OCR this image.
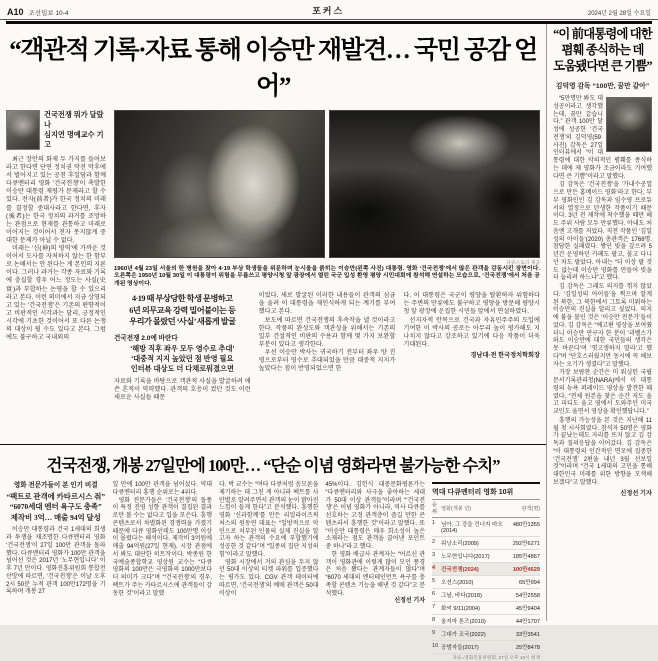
A10 조선일보 10-4	포커스	2024년 2월 28일 수요일
“객관적 기록·자료 통해 이승만 재발견… 국민 공감 얻어”
건국전쟁 뭐가 달랐나
심지연 명예교수 기고

최근 장안의 화제 두 가지를 들어보라고 한다면 단연 정치권 막전 막후에서 벌어지고 있는 공천 후일담과 함께 다큐멘터리 영화 ‘건국전쟁’이 촉발한 이승만 대통령 재평가 문제라고 할 수 있다. 전자(前者)가 한국 정치의 미래를 결정할 중대사라고 한다면, 후자(後者)는 한국 정치의 과거를 조망하는 관점으로 현재를 관통하고 미래로 이어지는 것이어서 전자 못지않게 중대한 문제가 아닐 수 없다.

미래는 ‘신(神)의 영역’에 가까운 것이어서 도사를 자처하지 않는 한 함부로 논해서는 안 된다는 게 본인의 지론이다. 그러나 과거는 각종 자료와 기록에 충실할 경우 어느 정도는 사실(史實)과 부합하는 논평을 할 수 있으리라고 본다. 이런 의미에서 지금 상영되고 있는 ‘건국전쟁’은 기존의 편향적이고 비판적인 시각과는 달리, 긍정적인 시각에 기초한 것이어서 또 다른 논쟁의 대상이 될 수도 있다고 본다. 그럼에도 불구하고 국내외의

다큐스토리 제공
1960년 4월 23일 서울의 한 병원을 찾아 4·19 부상 학생들을 위문하며 눈시울을 붉히는 이승만(왼쪽 사진) 대통령. 영화 ‘건국전쟁’에서 많은 관객을 감동시킨 장면이다. 오른쪽은 1950년 10월 30일 이 대통령이 위험을 무릅쓰고 평양시청 앞 광장에서 열린 국군 입성 환영 평양 시민대회에 참석해 연설하는 모습으로, ‘건국전쟁’에서 처음 공개된 영상이다.
4·19 때 부상당한 학생 문병하고
6년 의무교육 강력 밀어붙이는 등
우리가 몰랐던 ‘사실’ 새롭게 발굴
건국전쟁 2.0에 바란다
‘해방 직후 좌우 모두 영수로 추대’
‘대중적 지지 높았던 점 반영 필요
인터뷰 대상도 더 다채로워졌으면

자료와 기록을 바탕으로 객관적 사실을 발굴하려 애쓴 흔적이 역력했다. 관객의 호응이 컸던 것도 이런 새로운 사실들 때문

이었다. 새로 발굴된 이러한 내용들이 관객의 심금을 울려 이 대통령을 재인식하게 되는 계기를 부여했다고 본다.

보도에 따르면 건국전쟁의 후속작을 낼 것이라고 한다. 작품의 완성도와 객관성을 위해서는 기존의 일부 건설적인 비판의 수용과 함께 몇 가지 보완할 부분이 있다고 생각한다.

우선 이승만 박사는 귀국하기 전부터 좌우 양 진영으로부터 영수로 추대되었을 만큼 대중적 지지가 높았다는 점이 반영되었으면 한

다. 이 대통령은 국군이 평양을 탈환하자 위험하다는 주변의 만류에도 불구하고 평양을 방문해 평양시청 앞 광장에 운집한 시민들 앞에서 연설하였다.

선지자적 안목으로 건국과 자유민주주의 도입에 기여한 이 박사의 공로는 아무리 높이 평가해도 지나치지 않다고 강조하고 있기에 다음 작품이 더욱 기대된다.

경남대·전 한국정치학회장
“이 前대통령에 대한
폄훼 종식하는 데
도움됐다면 큰 기쁨”
김덕영 감독 “100만, 꿈만 같아”

“5만명만 봐도 대성공이라고 생각했는데, 꿈만 같습니다.” 관객 100만 달성에 성공한 ‘건국전쟁’의 김덕영(59·사진) 감독은 27일 인터뷰에서 “이 대통령에 대한 악의적인 폄훼를 종식하는 데에 제 영화가 조금이라도 기여했다면 큰 기쁨”이라고 말했다.

김 감독은 ‘건국전쟁’을 ‘가내수공업으로 만든 홈메이드 영화’라고 한다. 부부 영화인인 김 감독과 임수영 프로듀서의 열정으로 탄생한 작품이기 때문이다. 3년 전 제작에 착수했을 때만 해도 주위 사람 모두 만류했다. 아내도 처음엔 고개를 저었다. 직전 작품인 ‘김일성의 아이들’(2020) 총관객은 1768명. 참담한 실패였다. 쌓인 빚을 갚으려 5년간 운영하던 카페도 팔고, 몰고 다니던 차도 팔았다. 아내는 “더 이상 팔 것도 없는데 이승만 영화를 만들어 빚을 더 늘리려 하느냐”고 했다.

김 감독은 그래도 의지를 꺾지 않았다. ‘김일성의 아이들’을 찍으며 알게 된 북한, 그 북한에서 그토록 미워하는 이승만의 진실을 알리고 싶었다. 의지에 불을 붙인 것은 ‘이승만 전문가’들이었다. 김 감독은 “예고편 영상을 보여줬더니 이승만 연구자 한 분이 ‘괴벨스가 와도 이승만에 대한 국민들의 생각은 못 바꾼다’며 ‘헛고생하지 말라’고 했다”며 “단호스러웠지만 동시에 꼭 해보자는 오기가 생겼다”고 말했다.

가장 보람찬 순간은 미 워싱턴 국립문서기록관리청(NARA)에서 이 대통령의 뉴욕 퍼레이드 영상을 발견한 때였다. “전체 원본을 찾은 순간 저도 울고 피디도 울고 옆에서 도와주던 미국 교민도 울면서 영상을 확인했답니다.”

흥행의 가능성을 본 것은 지난해 11월 첫 시사회였다. 참석자 50명은 영화가 끝났는데도 자리를 뜨지 않고 김 감독과 질의응답을 이어갔다. 김 감독은 “이 대통령의 인간적인 면모에 집중한 ‘건국전쟁’ 2편을 내년 3월 선보일 것”이라며 “건국 1세대의 고민을 통해 대한민국 미래를 위한 방향을 모색해 보겠다”고 말했다.

신정선 기자
건국전쟁, 개봉 27일만에 100만… “단순 이념 영화라면 불가능한 수치”
영화 전문가들이 본 인기 비결
“팩트로 관객에 카타르시스 줘”
“6070세대 엔터 욕구도 충족”
제작비 3억… 매출 94억 달성

이승만 대통령과 건국 1세대의 희생과 투쟁을 재조명한 다큐멘터리 영화 ‘건국전쟁’이 27일 100만 관객을 돌파했다. 다큐멘터리 영화가 100만 관객을 넘어선 것은 2017년 ‘노무현입니다’ 이후 7년 만이다. 영화진흥위원회 통합전산망에 따르면, ‘건국전쟁’은 이날 오후 2시 50분 누적 관객 100만172명을 기록하며 개봉 27

일 만에 100만 관객을 넘어섰다. 역대 다큐멘터리 흥행 순위로는 4위다.

영화 전문가들은 ‘건국전쟁’의 돌풍이 특정 진영 성향 관객이 결집된 결과로만 볼 수는 없다고 입을 모은다. 흥행 콘텐츠로서 차별화된 경쟁력을 가졌기 때문에 다큐 영화인데도 100만명 이상이 몰렸다는 해석이다. 제작비 3억원에 매출 94억원(27일 현재). 시장 관점에서 봐도 대단한 히트작이다. 박종원 한국예술종합학교 영상원 교수는 “다큐 영화의 100만은 극영화의 1000만보다 더 의미가 크다”며 “‘건국전쟁’의 경우, 팩트가 주는 카타르시스에 관객들이 감동한 것”이라고 말했

다. 박 교수는 “여타 다큐처럼 음모론을 제기하는 데 그친 게 아니라 팩트를 사안별로 알려주면서 관객의 눈이 밝아진 느낌이 들게 한다”고 분석했다. 흥행한 영화 ‘신과함께’를 만든 리얼라이즈픽처스의 원동연 대표는 “일방적으로 악인으로 치부된 인물의 실제 진실을 알고자 하는 관객의 수요에 부합했기에 성공한 것 같다”며 “일종의 집단 지성의 힘”이라고 말했다.

영화 시장에서 거의 관심을 두지 않던 50대 이상의 티켓 파워를 입증했다는 평가도 있다. CGV 관객 데이터에 따르면, ‘건국전쟁’의 예매 관객은 50대 이상이

45%이다. 김헌식 대중문화평론가는 “다큐멘터리와 사극을 좋아하는 세대가 50대 이상 관객들”이라며 “‘건국전쟁’은 이념 영화가 아니라, 역사 다큐를 선호하는 고정 관객층이 즐길 만한 콘텐츠라서 흥행한 것”이라고 말했다. 또 “이승만 대통령은 매우 희소성이 높은 소재라는 점도 관객을 끌어낸 포인트 중 하나”라고 했다.

한 영화 배급사 관계자는 “어르신 관객이 영화관에 이렇게 많이 모인 풍경은 처음 봤다는 관계자들이 많다”며 “6070 세대의 엔터테인먼트 욕구를 충족할 콘텐츠 기능을 해낸 것 같다”고 분석했다.

신정선 기자

역대 다큐멘터리 영화 10위
순위	영화(개봉 년)	관객(명)
1	님아, 그 강을 건너지 마오(2014)	480만1355
2	워낭소리(2009)	292만6271
3	노무현입니다(2017)	185만4867
4	건국전쟁(2024)	100만4629
5	오션스(2010)	65만994
6	그날, 바다(2018)	54만2558
7	화씨 9/11(2004)	45만9404
8	울지마 톤즈(2010)	44만1707
9	그대가 조국(2022)	33만3541
10	공범자들(2017)	25만8478
자료=영화진흥위원회, 27일 오후 10시 현재
